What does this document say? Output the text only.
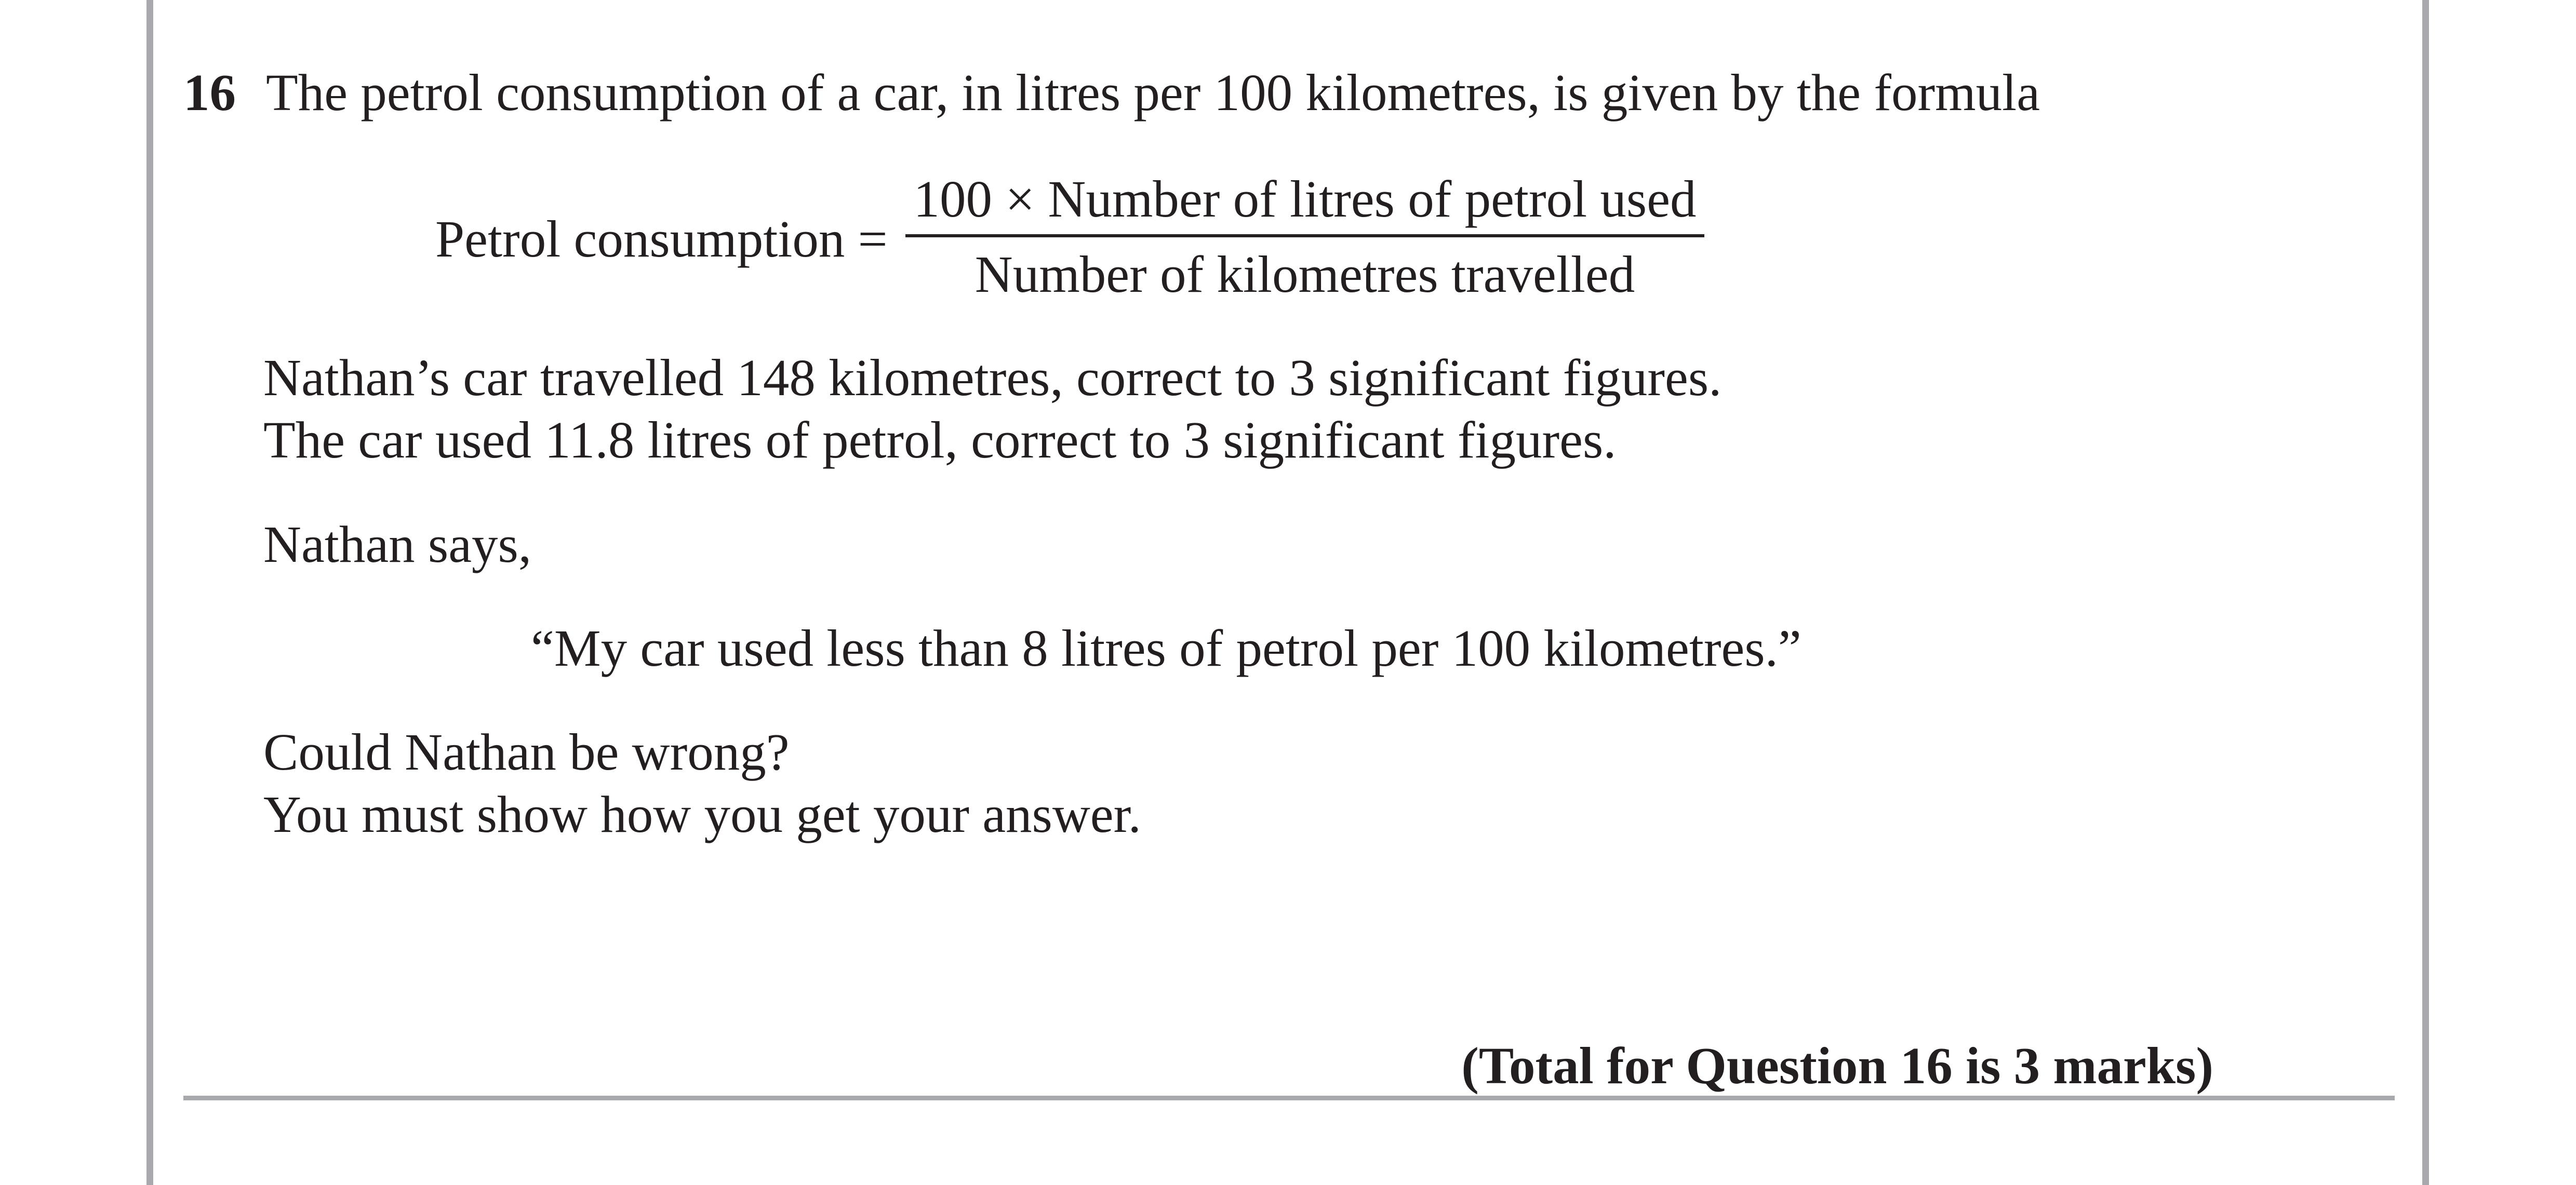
16 The petrol consumption of a car, in litres per 100 kilometres, is given by the formula
Petrol consumption =
100 × Number of litres of petrol used
Number of kilometres travelled
Nathan’s car travelled 148 kilometres, correct to 3 significant figures.
The car used 11.8 litres of petrol, correct to 3 significant figures.
Nathan says,
“My car used less than 8 litres of petrol per 100 kilometres.”
Could Nathan be wrong?
You must show how you get your answer.
(Total for Question 16 is 3 marks)
